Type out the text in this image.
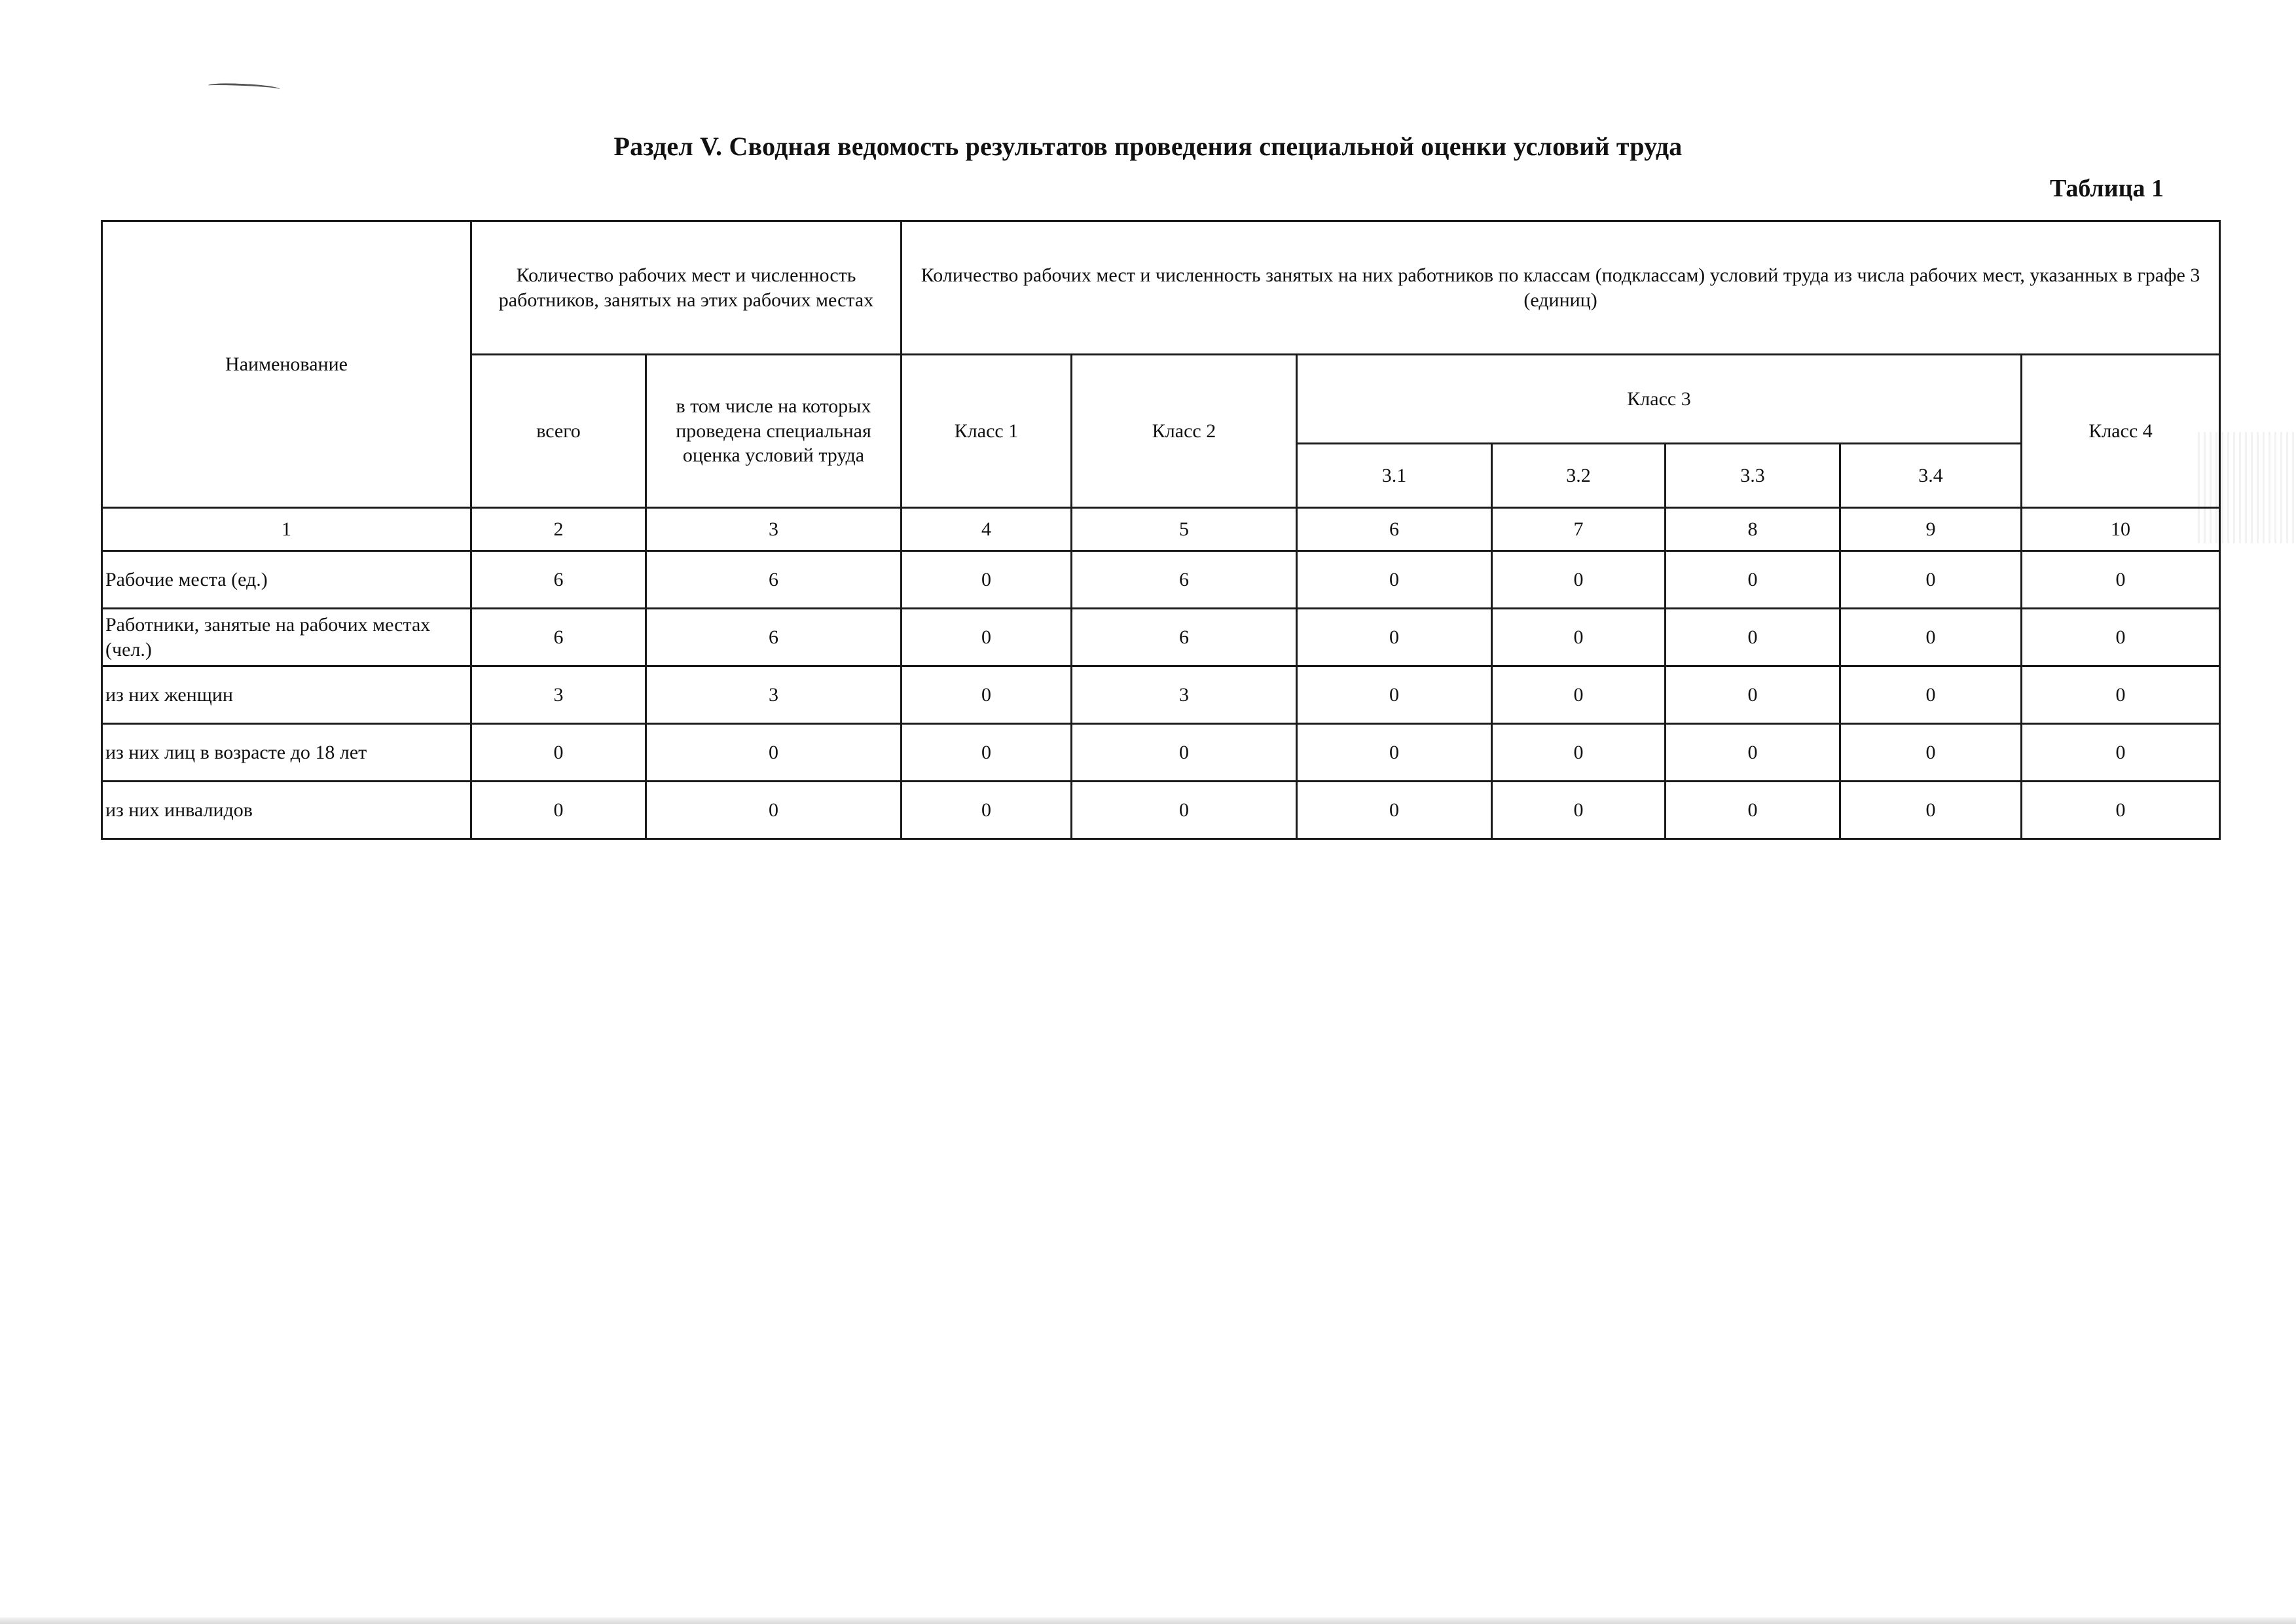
Раздел V. Сводная ведомость результатов проведения специальной оценки условий труда
Таблица 1
Наименование	Количество рабочих мест и численность работников, занятых на этих рабочих местах		Количество рабочих мест и численность занятых на них работников по классам (подклассам) условий труда из числа рабочих мест, указанных в графе 3 (единиц)						
	всего	в том числе на которых проведена специальная оценка условий труда	Класс 1	Класс 2	Класс 3				Класс 4
					3.1	3.2	3.3	3.4	
1	2	3	4	5	6	7	8	9	10
Рабочие места (ед.)	6	6	0	6	0	0	0	0	0
Работники, занятые на рабочих местах (чел.)	6	6	0	6	0	0	0	0	0
из них женщин	3	3	0	3	0	0	0	0	0
из них лиц в возрасте до 18 лет	0	0	0	0	0	0	0	0	0
из них инвалидов	0	0	0	0	0	0	0	0	0
